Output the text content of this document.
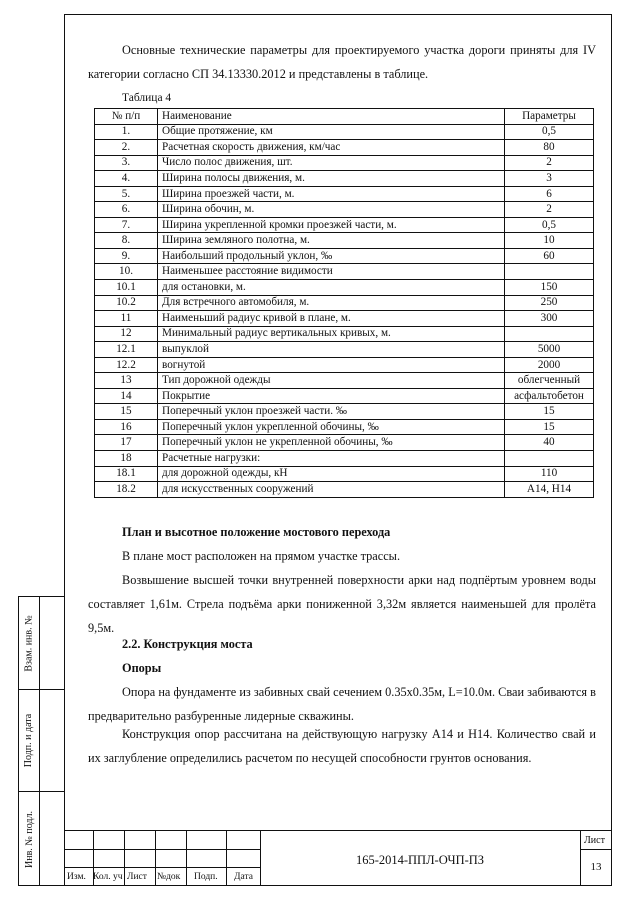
Взам. инв. №
Подп. и дата
Инв. № подл.
Основные технические параметры для проектируемого участка дороги приняты для IV категории согласно СП 34.13330.2012 и представлены в таблице.
Таблица 4
№ п/п	Наименование	Параметры
1.	Общие протяжение, км	0,5
2.	Расчетная скорость движения, км/час	80
3.	Число полос движения, шт.	2
4.	Ширина полосы движения, м.	3
5.	Ширина проезжей части, м.	6
6.	Ширина обочин, м.	2
7.	Ширина укрепленной кромки проезжей части, м.	0,5
8.	Ширина земляного полотна, м.	10
9.	Наибольший продольный уклон, ‰	60
10.	Наименьшее расстояние видимости	
10.1	для остановки, м.	150
10.2	Для встречного автомобиля, м.	250
11	Наименьший радиус кривой в плане, м.	300
12	Минимальный радиус вертикальных кривых, м.	
12.1	выпуклой	5000
12.2	вогнутой	2000
13	Тип дорожной одежды	облегченный
14	Покрытие	асфальтобетон
15	Поперечный уклон проезжей части. ‰	15
16	Поперечный уклон укрепленной обочины, ‰	15
17	Поперечный уклон не укрепленной обочины, ‰	40
18	Расчетные нагрузки:	
18.1	для дорожной одежды, кН	110
18.2	для искусственных сооружений	А14, Н14
План и высотное положение мостового перехода
В плане мост расположен на прямом участке трассы.
Возвышение высшей точки внутренней поверхности арки над подпёртым уровнем воды составляет 1,61м. Стрела подъёма арки пониженной 3,32м является наименьшей для пролёта 9,5м.
2.2. Конструкция моста
Опоры
Опора на фундаменте из забивных свай сечением 0.35х0.35м, L=10.0м. Сваи забиваются в предварительно разбуренные лидерные скважины.
Конструкция опор рассчитана на действующую нагрузку А14 и Н14. Количество свай и их заглубление определились расчетом по несущей способности грунтов основания.
Изм. Кол. уч Лист №док Подп. Дата
165-2014-ППЛ-ОЧП-ПЗ
Лист
13
